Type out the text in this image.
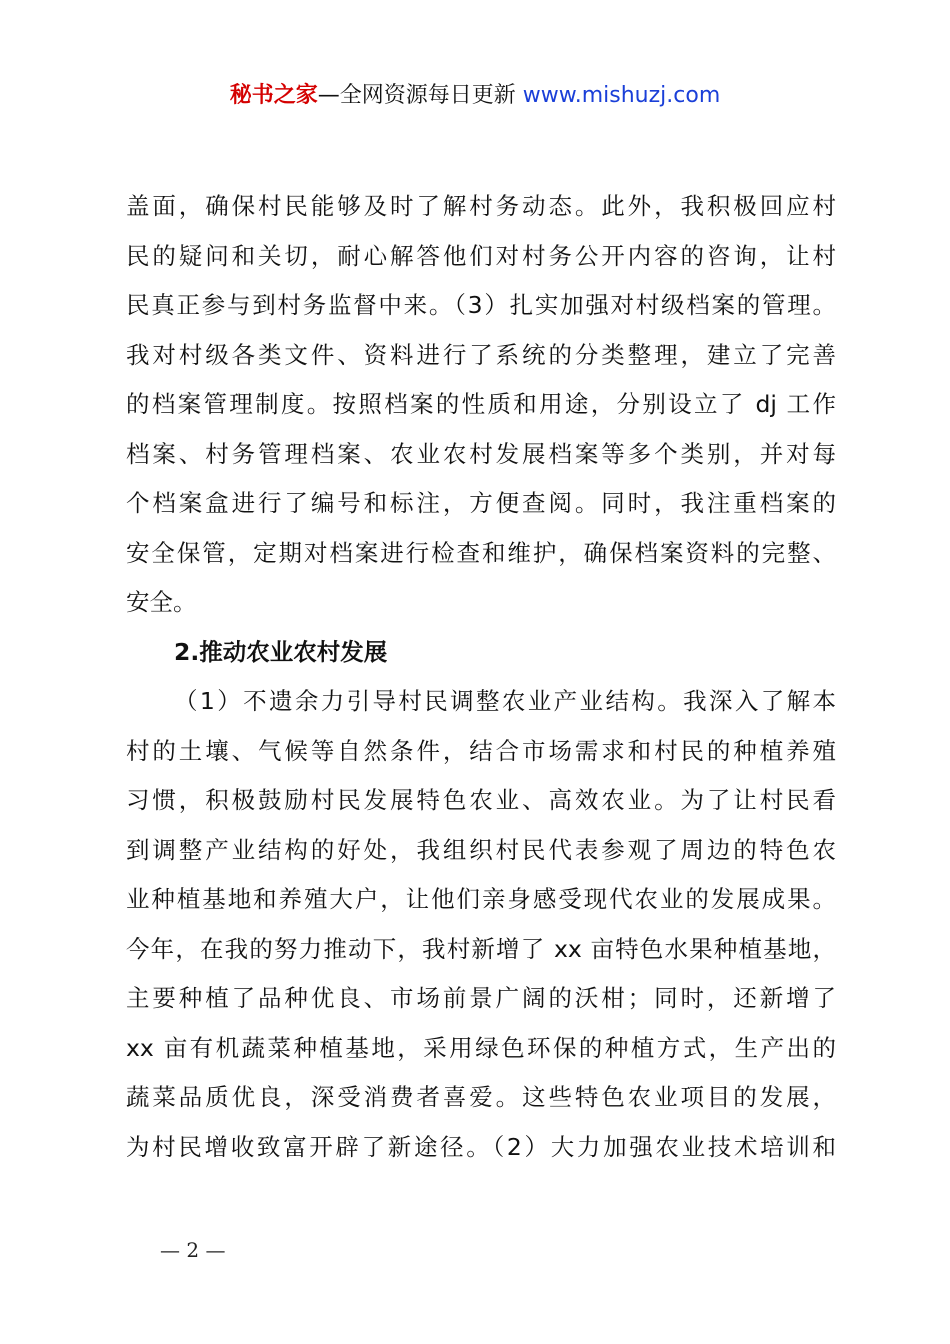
秘书之家—全网资源每日更新 www.mishuzj.com
盖面，确保村民能够及时了解村务动态。此外，我积极回应村
民的疑问和关切，耐心解答他们对村务公开内容的咨询，让村
民真正参与到村务监督中来。（3）扎实加强对村级档案的管理。
我对村级各类文件、资料进行了系统的分类整理，建立了完善
的档案管理制度。按照档案的性质和用途，分别设立了 dj 工作
档案、村务管理档案、农业农村发展档案等多个类别，并对每
个档案盒进行了编号和标注，方便查阅。同时，我注重档案的
安全保管，定期对档案进行检查和维护，确保档案资料的完整、
安全。
2.推动农业农村发展
（1）不遗余力引导村民调整农业产业结构。我深入了解本
村的土壤、气候等自然条件，结合市场需求和村民的种植养殖
习惯，积极鼓励村民发展特色农业、高效农业。为了让村民看
到调整产业结构的好处，我组织村民代表参观了周边的特色农
业种植基地和养殖大户，让他们亲身感受现代农业的发展成果。
今年，在我的努力推动下，我村新增了 xx 亩特色水果种植基地，
主要种植了品种优良、市场前景广阔的沃柑；同时，还新增了
xx 亩有机蔬菜种植基地，采用绿色环保的种植方式，生产出的
蔬菜品质优良，深受消费者喜爱。这些特色农业项目的发展，
为村民增收致富开辟了新途径。（2）大力加强农业技术培训和
— 2 —
